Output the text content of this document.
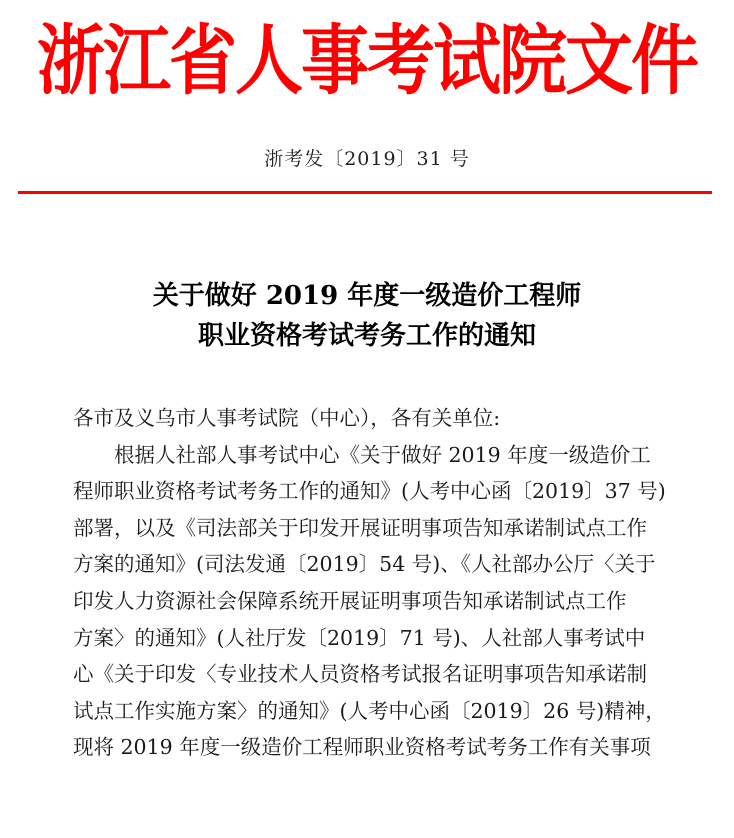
浙江省人事考试院文件
浙考发〔2019〕31 号
关于做好 2019 年度一级造价工程师
职业资格考试考务工作的通知
各市及义乌市人事考试院（中心），各有关单位:
根据人社部人事考试中心《关于做好 2019 年度一级造价工
程师职业资格考试考务工作的通知》(人考中心函〔2019〕37 号)
部署，以及《司法部关于印发开展证明事项告知承诺制试点工作
方案的通知》(司法发通〔2019〕54 号)、《人社部办公厅〈关于
印发人力资源社会保障系统开展证明事项告知承诺制试点工作
方案〉的通知》(人社厅发〔2019〕71 号)、人社部人事考试中
心《关于印发〈专业技术人员资格考试报名证明事项告知承诺制
试点工作实施方案〉的通知》(人考中心函〔2019〕26 号)精神，
现将 2019 年度一级造价工程师职业资格考试考务工作有关事项
